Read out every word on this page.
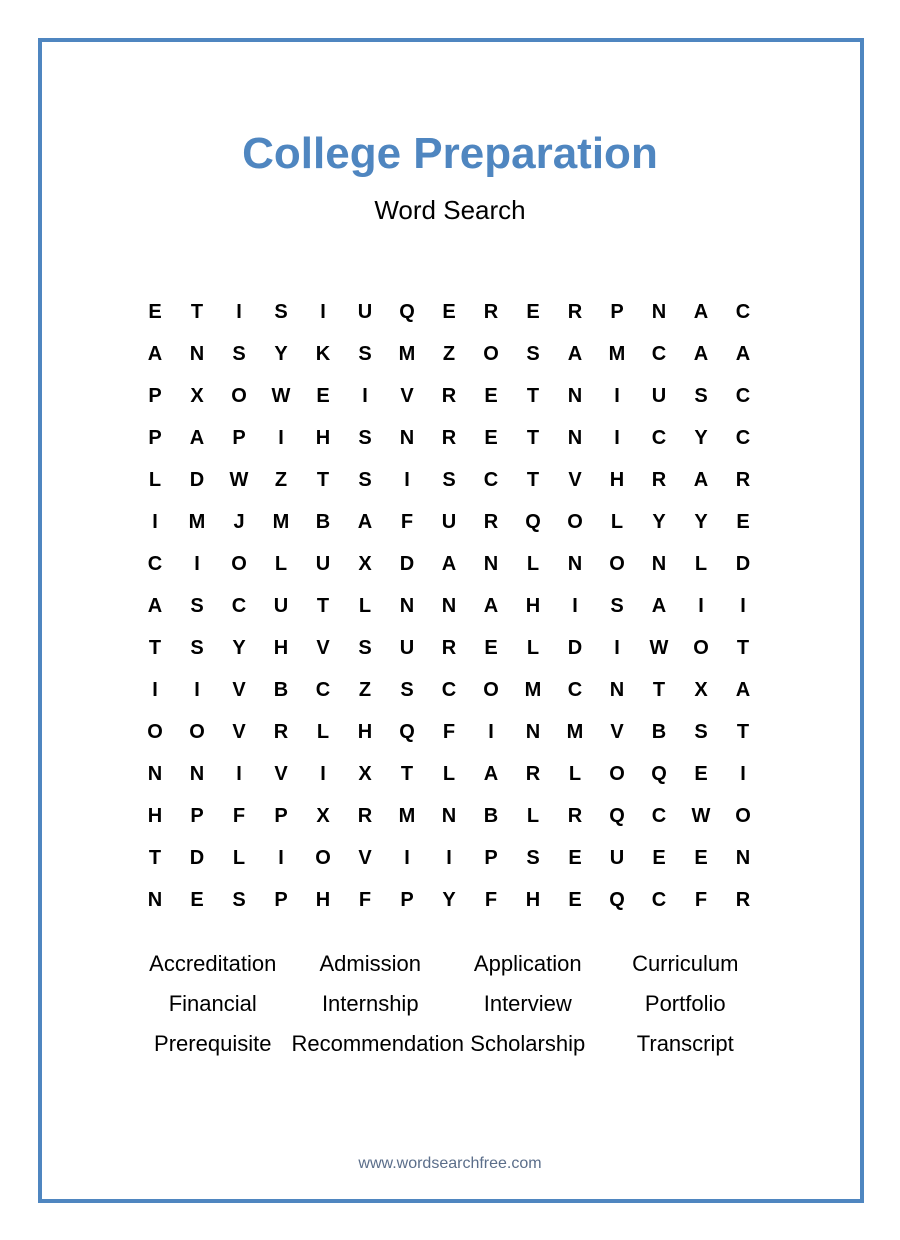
College Preparation
Word Search
E	T	I	S	I	U	Q	E	R	E	R	P	N	A	C
A	N	S	Y	K	S	M	Z	O	S	A	M	C	A	A
P	X	O	W	E	I	V	R	E	T	N	I	U	S	C
P	A	P	I	H	S	N	R	E	T	N	I	C	Y	C
L	D	W	Z	T	S	I	S	C	T	V	H	R	A	R
I	M	J	M	B	A	F	U	R	Q	O	L	Y	Y	E
C	I	O	L	U	X	D	A	N	L	N	O	N	L	D
A	S	C	U	T	L	N	N	A	H	I	S	A	I	I
T	S	Y	H	V	S	U	R	E	L	D	I	W	O	T
I	I	V	B	C	Z	S	C	O	M	C	N	T	X	A
O	O	V	R	L	H	Q	F	I	N	M	V	B	S	T
N	N	I	V	I	X	T	L	A	R	L	O	Q	E	I
H	P	F	P	X	R	M	N	B	L	R	Q	C	W	O
T	D	L	I	O	V	I	I	P	S	E	U	E	E	N
N	E	S	P	H	F	P	Y	F	H	E	Q	C	F	R
Accreditation	Admission	Application	Curriculum
Financial	Internship	Interview	Portfolio
Prerequisite Recommendation Scholarship	Transcript
www.wordsearchfree.com
